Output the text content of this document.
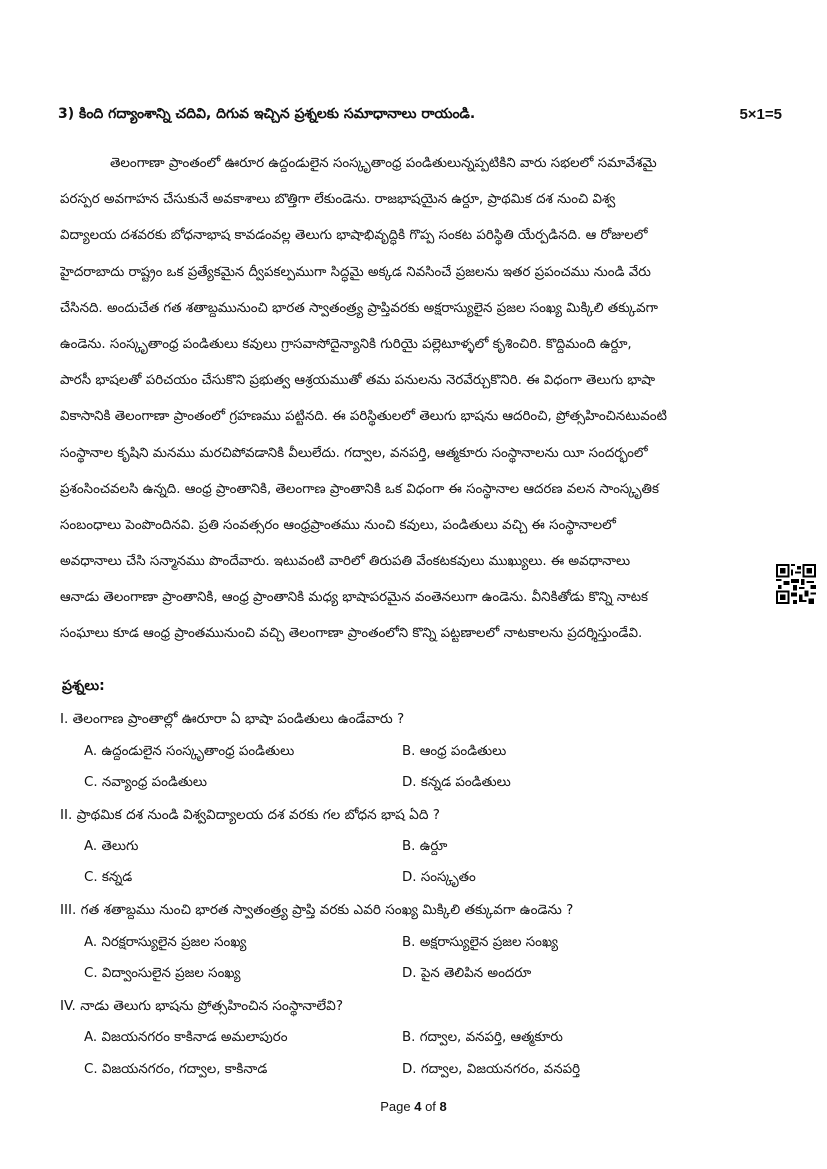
3) కింది గద్యాంశాన్ని చదివి, దిగువ ఇచ్చిన ప్రశ్నలకు సమాధానాలు రాయండి.	5×1=5
తెలంగాణా ప్రాంతంలో ఊరూర ఉద్దండులైన సంస్కృతాంధ్ర పండితులున్నప్పటికిని వారు సభలలో సమావేశమై
పరస్పర అవగాహన చేసుకునే అవకాశాలు బొత్తిగా లేకుండెను. రాజభాషయైన ఉర్దూ, ప్రాథమిక దశ నుంచి విశ్వ
విద్యాలయ దశవరకు బోధనాభాష కావడంవల్ల తెలుగు భాషాభివృద్ధికి గొప్ప సంకట పరిస్థితి యేర్పడినది. ఆ రోజులలో
హైదరాబాదు రాష్ట్రం ఒక ప్రత్యేకమైన ద్వీపకల్పముగా సిద్ధమై అక్కడ నివసించే ప్రజలను ఇతర ప్రపంచము నుండి వేరు
చేసినది. అందుచేత గత శతాబ్దమునుంచి భారత స్వాతంత్ర్య ప్రాప్తివరకు అక్షరాస్యులైన ప్రజల సంఖ్య మిక్కిలి తక్కువగా
ఉండెను. సంస్కృతాంధ్ర పండితులు కవులు గ్రాసవాసోదైన్యానికి గురియై పల్లెటూళ్ళలో కృశించిరి. కొద్దిమంది ఉర్దూ,
పారసీ భాషలతో పరిచయం చేసుకొని ప్రభుత్వ ఆశ్రయముతో తమ పనులను నెరవేర్చుకొనిరి. ఈ విధంగా తెలుగు భాషా
వికాసానికి తెలంగాణా ప్రాంతంలో గ్రహణము పట్టినది. ఈ పరిస్థితులలో తెలుగు భాషను ఆదరించి, ప్రోత్సహించినటువంటి
సంస్థానాల కృషిని మనము మరచిపోవడానికి వీలులేదు. గద్వాల, వనపర్తి, ఆత్మకూరు సంస్థానాలను యీ సందర్భంలో
ప్రశంసించవలసి ఉన్నది. ఆంధ్ర ప్రాంతానికి, తెలంగాణ ప్రాంతానికి ఒక విధంగా ఈ సంస్థానాల ఆదరణ వలన సాంస్కృతిక
సంబంధాలు పెంపొందినవి. ప్రతి సంవత్సరం ఆంధ్రప్రాంతము నుంచి కవులు, పండితులు వచ్చి ఈ సంస్థానాలలో
అవధానాలు చేసి సన్మానము పొందేవారు. ఇటువంటి వారిలో తిరుపతి వేంకటకవులు ముఖ్యులు. ఈ అవధానాలు
ఆనాడు తెలంగాణా ప్రాంతానికి, ఆంధ్ర ప్రాంతానికి మధ్య భాషాపరమైన వంతెనలుగా ఉండెను. వీనికితోడు కొన్ని నాటక
సంఘాలు కూడ ఆంధ్ర ప్రాంతమునుంచి వచ్చి తెలంగాణా ప్రాంతంలోని కొన్ని పట్టణాలలో నాటకాలను ప్రదర్శిస్తుండేవి.
ప్రశ్నలు:
I. తెలంగాణ ప్రాంతాల్లో ఊరూరా ఏ భాషా పండితులు ఉండేవారు ?
A. ఉద్దండులైన సంస్కృతాంధ్ర పండితులు	B. ఆంధ్ర పండితులు
C. నవ్యాంధ్ర పండితులు	D. కన్నడ పండితులు
II. ప్రాథమిక దశ నుండి విశ్వవిద్యాలయ దశ వరకు గల బోధన భాష ఏది ?
A. తెలుగు	B. ఉర్దూ
C. కన్నడ	D. సంస్కృతం
III. గత శతాబ్దము నుంచి భారత స్వాతంత్ర్య ప్రాప్తి వరకు ఎవరి సంఖ్య మిక్కిలి తక్కువగా ఉండెను ?
A. నిరక్షరాస్యులైన ప్రజల సంఖ్య	B. అక్షరాస్యులైన ప్రజల సంఖ్య
C. విద్వాంసులైన ప్రజల సంఖ్య	D. పైన తెలిపిన అందరూ
IV. నాడు తెలుగు భాషను ప్రోత్సహించిన సంస్థానాలేవి?
A. విజయనగరం కాకినాడ అమలాపురం	B. గద్వాల, వనపర్తి, ఆత్మకూరు
C. విజయనగరం, గద్వాల, కాకినాడ	D. గద్వాల, విజయనగరం, వనపర్తి
Page 4 of 8
